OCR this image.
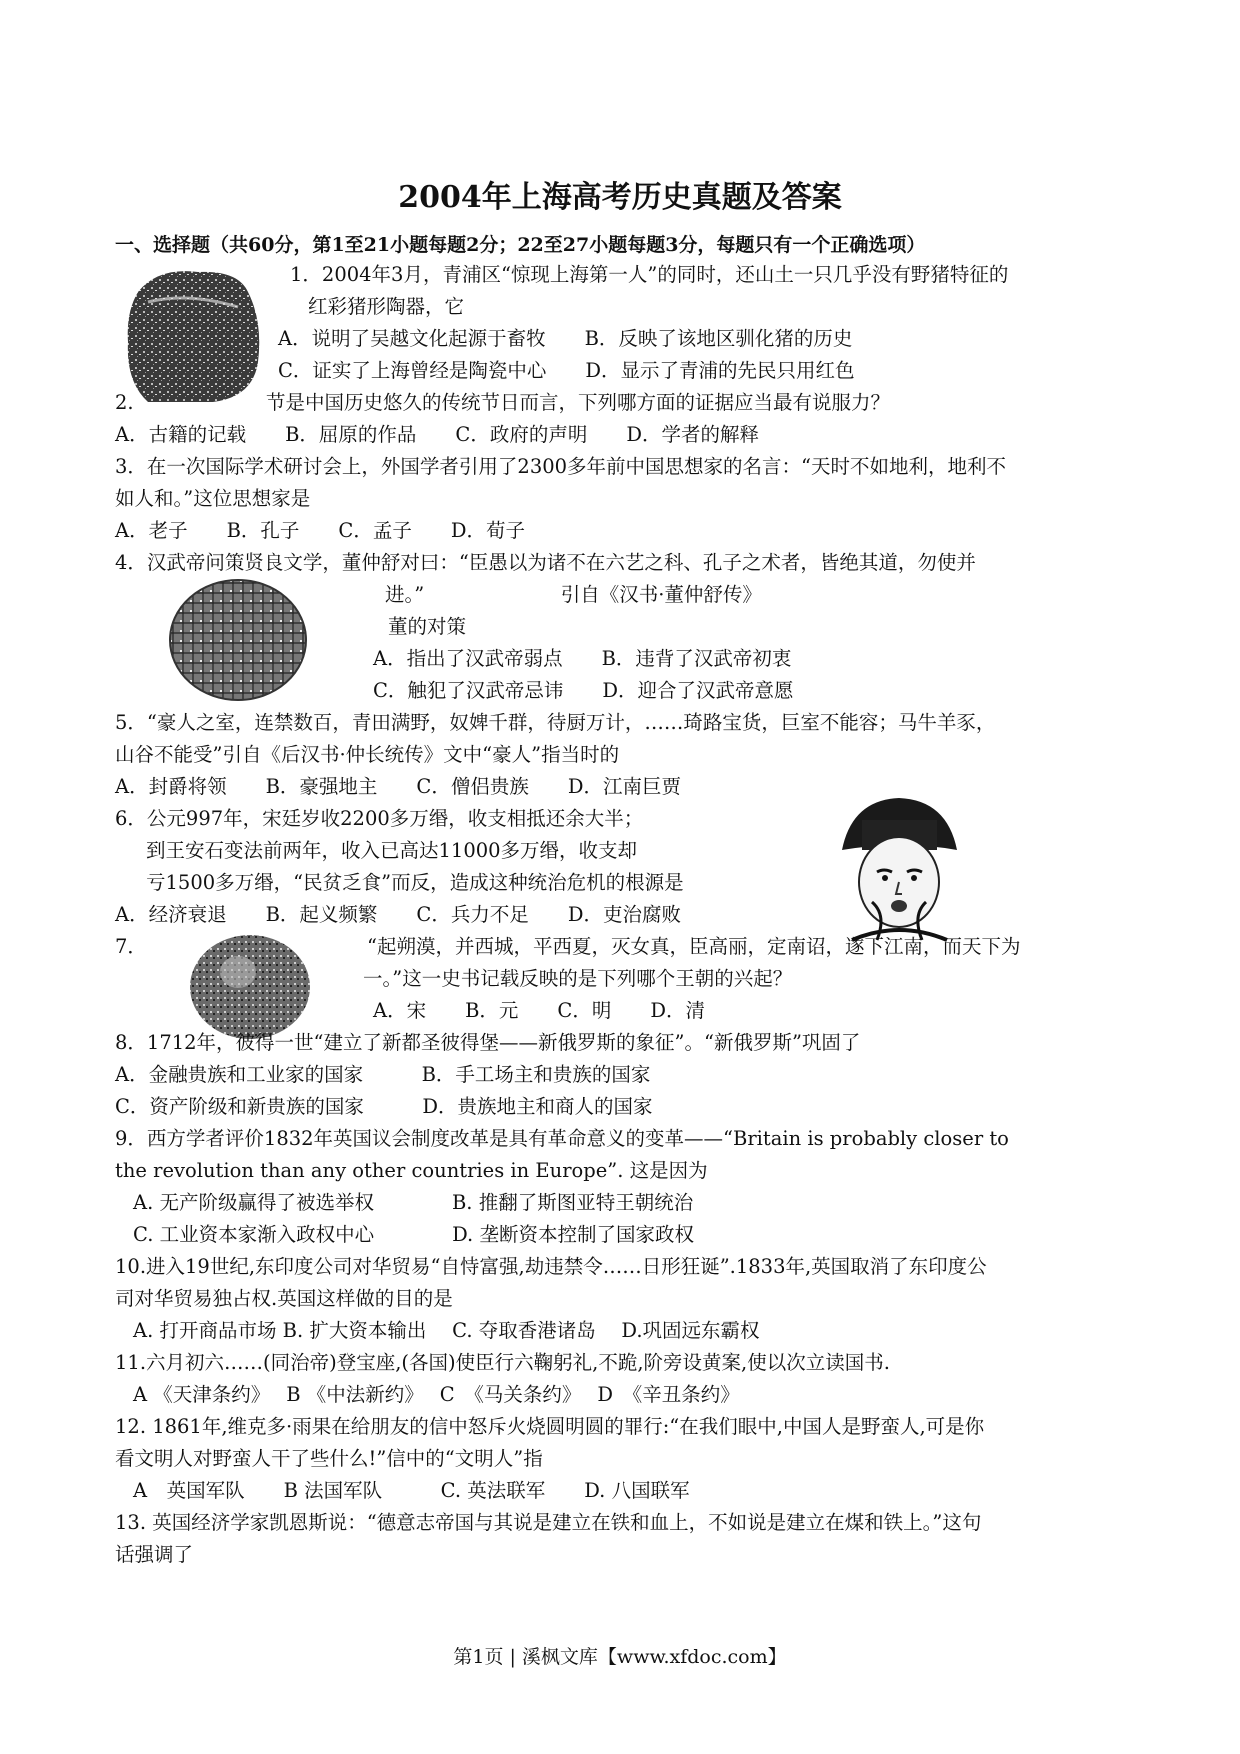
2004年上海高考历史真题及答案
一、选择题（共60分，第1至21小题每题2分；22至27小题每题3分，每题只有一个正确选项）
1．2004年3月，青浦区“惊现上海第一人”的同时，还山土一只几乎没有野猪特征的
红彩猪形陶器，它
A．说明了吴越文化起源于畜牧　　B．反映了该地区驯化猪的历史
C．证实了上海曾经是陶瓷中心　　D．显示了青浦的先民只用红色
2.	节是中国历史悠久的传统节日而言，下列哪方面的证据应当最有说服力？
A．古籍的记载　　B．屈原的作品　　C．政府的声明　　D．学者的解释
3．在一次国际学术研讨会上，外国学者引用了2300多年前中国思想家的名言：“天时不如地利，地利不
如人和。”这位思想家是
A．老子　　B．孔子　　C．孟子　　D．荀子
4．汉武帝问策贤良文学，董仲舒对曰：“臣愚以为诸不在六艺之科、孔子之术者，皆绝其道，勿使并
进。”　　　　　　　引自《汉书·董仲舒传》
董的对策
A．指出了汉武帝弱点　　B．违背了汉武帝初衷
C．触犯了汉武帝忌讳　　D．迎合了汉武帝意愿
5．“豪人之室，连禁数百，青田满野，奴婢千群，待厨万计，……琦路宝货，巨室不能容；马牛羊豕，
山谷不能受”引自《后汉书·仲长统传》文中“豪人”指当时的
A．封爵将领　　B．豪强地主　　C．僧侣贵族　　D．江南巨贾
6．公元997年，宋廷岁收2200多万缗，收支相抵还余大半；
到王安石变法前两年，收入已高达11000多万缗，收支却
亏1500多万缗，“民贫乏食”而反，造成这种统治危机的根源是
A．经济衰退　　B．起义频繁　　C．兵力不足　　D．吏治腐败
7．	“起朔漠，并西城，平西夏，灭女真，臣高丽，定南诏，遂下江南，而天下为
一。”这一史书记载反映的是下列哪个王朝的兴起？
A．宋　　B．元　　C．明　　D．清
8．1712年，彼得一世“建立了新都圣彼得堡——新俄罗斯的象征”。“新俄罗斯”巩固了
A．金融贵族和工业家的国家　　　B．手工场主和贵族的国家
C．资产阶级和新贵族的国家　　　D．贵族地主和商人的国家
9．西方学者评价1832年英国议会制度改革是具有革命意义的变革——“Britain is probably closer to
the revolution than any other countries in Europe”. 这是因为
A. 无产阶级赢得了被选举权　　　　B. 推翻了斯图亚特王朝统治
C. 工业资本家渐入政权中心　　　　D. 垄断资本控制了国家政权
10.进入19世纪,东印度公司对华贸易“自恃富强,劫违禁令……日形狂诞”.1833年,英国取消了东印度公
司对华贸易独占权.英国这样做的目的是
A. 打开商品市场 B. 扩大资本输出　 C. 夺取香港诸岛　 D.巩固远东霸权
11.六月初六……(同治帝)登宝座,(各国)使臣行六鞠躬礼,不跪,阶旁设黄案,使以次立读国书.
A 《天津条约》　 B 《中法新约》　 C　《马关条约》　 D　《辛丑条约》
12. 1861年,维克多·雨果在给朋友的信中怒斥火烧圆明圆的罪行:“在我们眼中,中国人是野蛮人,可是你
看文明人对野蛮人干了些什么!”信中的“文明人”指
A　英国军队　　B 法国军队　　　C. 英法联军　　D. 八国联军
13. 英国经济学家凯恩斯说：“德意志帝国与其说是建立在铁和血上，不如说是建立在煤和铁上。”这句
话强调了
第1页 | 溪枫文库【www.xfdoc.com】
